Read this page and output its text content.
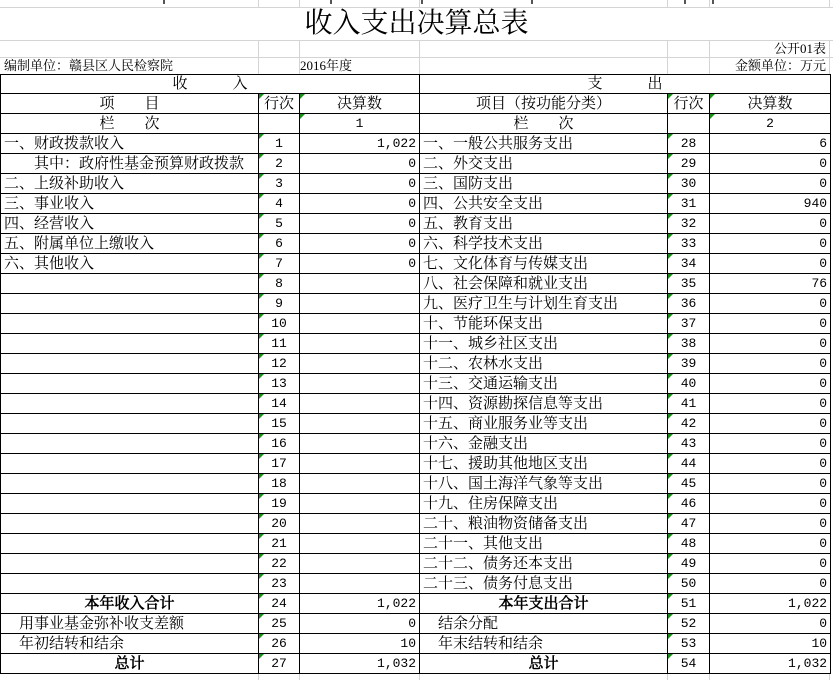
收入支出决算总表
公开01表
编制单位：赣县区人民检察院	2016年度	金额单位：万元
收　　　入			支　　　出		
项　　目	行次	决算数	项目（按功能分类）	行次	决算数
栏　　次		1	栏　　次		2
一、财政拨款收入	1	1,022	一、一般公共服务支出	28	6
　　其中：政府性基金预算财政拨款	2	0	二、外交支出	29	0
二、上级补助收入	3	0	三、国防支出	30	0
三、事业收入	4	0	四、公共安全支出	31	940
四、经营收入	5	0	五、教育支出	32	0
五、附属单位上缴收入	6	0	六、科学技术支出	33	0
六、其他收入	7	0	七、文化体育与传媒支出	34	0
	8		八、社会保障和就业支出	35	76
	9		九、医疗卫生与计划生育支出	36	0
	10		十、节能环保支出	37	0
	11		十一、城乡社区支出	38	0
	12		十二、农林水支出	39	0
	13		十三、交通运输支出	40	0
	14		十四、资源勘探信息等支出	41	0
	15		十五、商业服务业等支出	42	0
	16		十六、金融支出	43	0
	17		十七、援助其他地区支出	44	0
	18		十八、国土海洋气象等支出	45	0
	19		十九、住房保障支出	46	0
	20		二十、粮油物资储备支出	47	0
	21		二十一、其他支出	48	0
	22		二十二、债务还本支出	49	0
	23		二十三、债务付息支出	50	0
本年收入合计	24	1,022	本年支出合计	51	1,022
　用事业基金弥补收支差额	25	0	　结余分配	52	0
　年初结转和结余	26	10	　年末结转和结余	53	10
总计	27	1,032	总计	54	1,032
